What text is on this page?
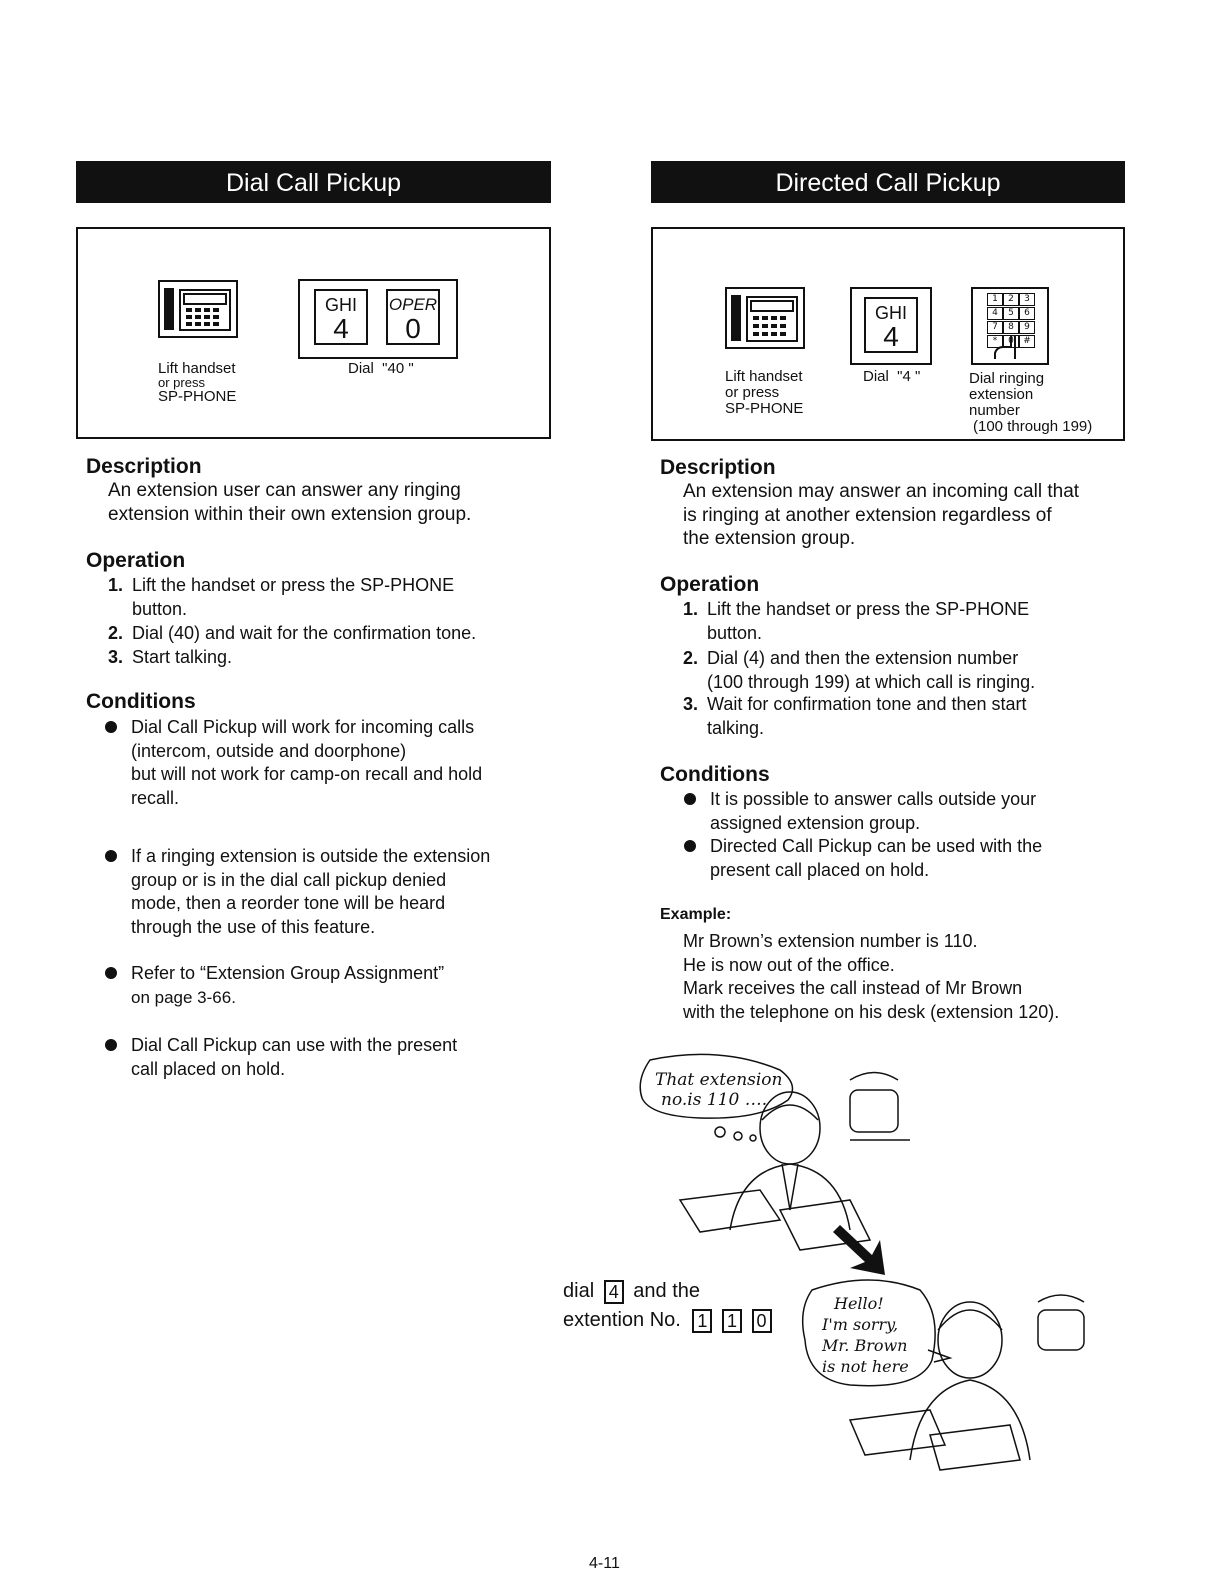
Dial Call Pickup
Lift handset
or press
SP-PHONE
GHI
4
OPER
0
Dial  "40 "
Description
An extension user can answer any ringing
extension within their own extension group.
Operation
1. Lift the handset or press the SP-PHONE
button.
2. Dial (40) and wait for the confirmation tone.
3. Start talking.
Conditions
Dial Call Pickup will work for incoming calls
(intercom, outside and doorphone)
but will not work for camp-on recall and hold
recall.
If a ringing extension is outside the extension
group or is in the dial call pickup denied
mode, then a reorder tone will be heard
through the use of this feature.
Refer to “Extension Group Assignment”
on page 3-66.
Dial Call Pickup can use with the present
call placed on hold.
Directed Call Pickup
Lift handset
or press
SP-PHONE
GHI
4
Dial  "4 "
1	2	3
4	5	6
7	8	9
*	0	#
Dial ringing
extension
number
(100 through 199)
Description
An extension may answer an incoming call that
is ringing at another extension regardless of
the extension group.
Operation
1. Lift the handset or press the SP-PHONE
button.
2. Dial (4) and then the extension number
(100 through 199) at which call is ringing.
3. Wait for confirmation tone and then start
talking.
Conditions
It is possible to answer calls outside your
assigned extension group.
Directed Call Pickup can be used with the
present call placed on hold.
Example:
Mr Brown’s extension number is 110.
He is now out of the office.
Mark receives the call instead of Mr Brown
with the telephone on his desk (extension 120).
That extension
no.is 110 ….
dial 4 and the
extention No. 1 1 0
Hello!
I'm sorry,
Mr. Brown
is not here
4-11
